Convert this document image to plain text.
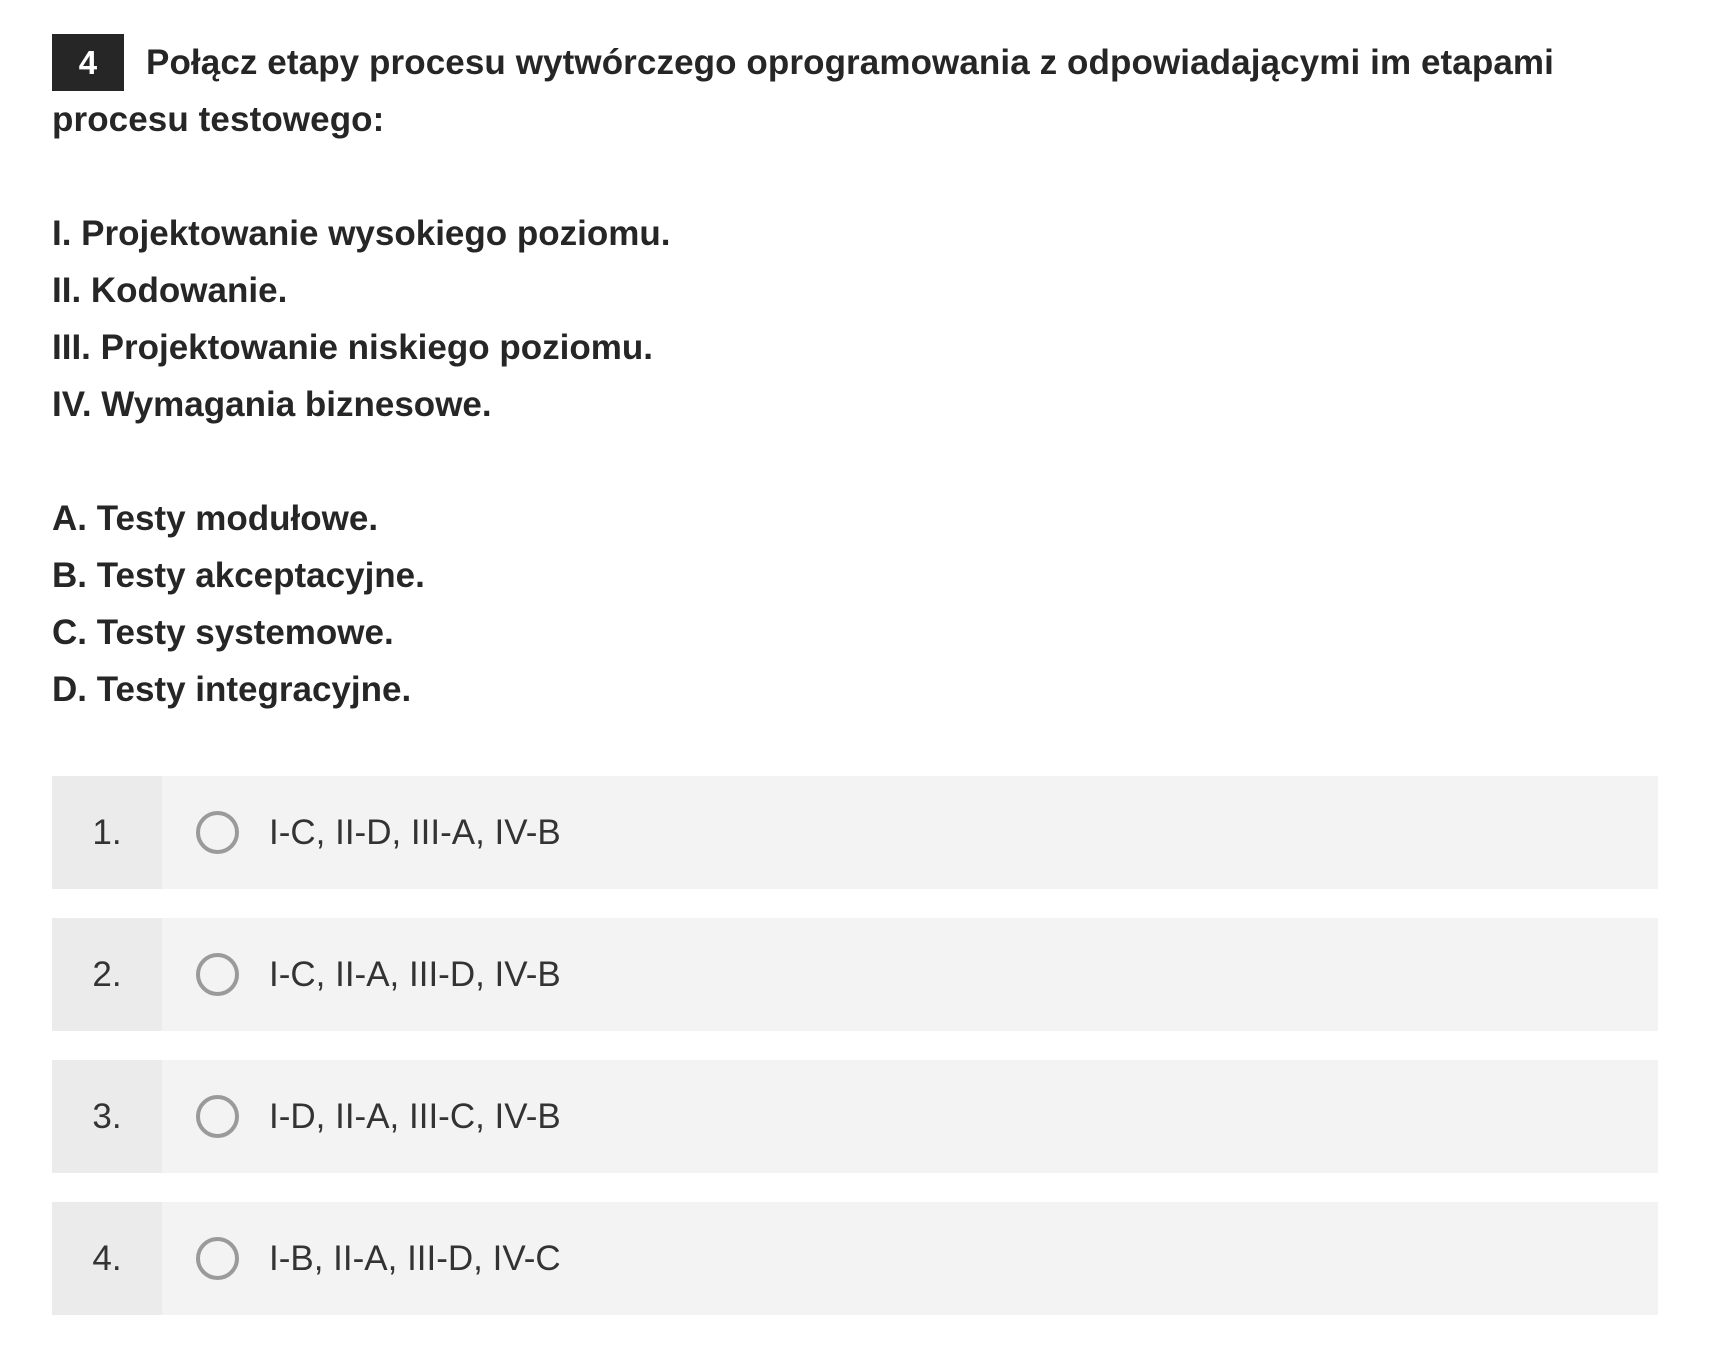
4 Połącz etapy procesu wytwórczego oprogramowania z odpowiadającymi im etapami procesu testowego:

I. Projektowanie wysokiego poziomu.
II. Kodowanie.
III. Projektowanie niskiego poziomu.
IV. Wymagania biznesowe.
A. Testy modułowe.
B. Testy akceptacyjne.
C. Testy systemowe.
D. Testy integracyjne.
1.	I-C, II-D, III-A, IV-B
2.	I-C, II-A, III-D, IV-B
3.	I-D, II-A, III-C, IV-B
4.	I-B, II-A, III-D, IV-C
